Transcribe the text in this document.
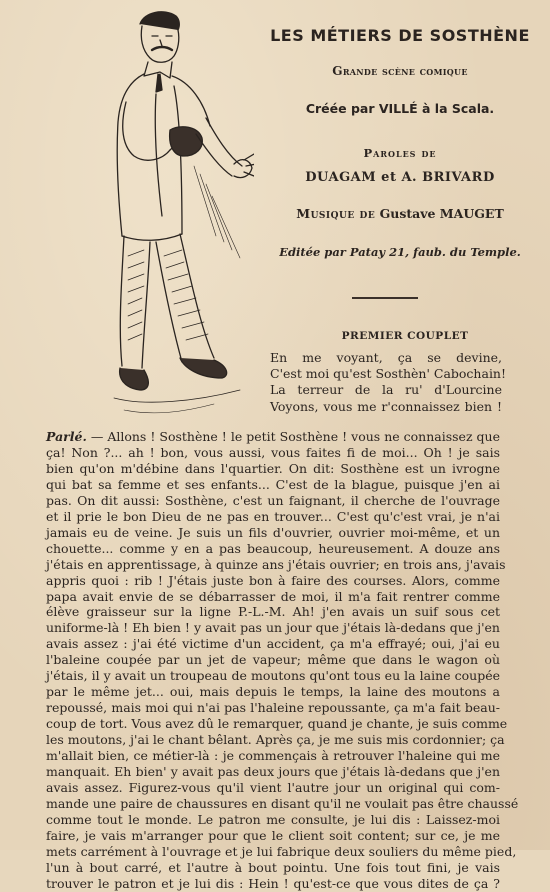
LES MÉTIERS DE SOSTHÈNE
Grande scène comique
Créée par VILLÉ à la Scala.
Paroles de
DUAGAM et A. BRIVARD
Musique de Gustave MAUGET
Editée par Patay 21, faub. du Temple.
PREMIER COUPLET
En me voyant, ça se devine,
C'est moi qu'est Sosthèn' Cabochain!
La terreur de la ru' d'Lourcine
Voyons, vous me r'connaissez bien !
Parlé. — Allons ! Sosthène ! le petit Sosthène ! vous ne connaissez que
ça! Non ?... ah ! bon, vous aussi, vous faites fi de moi... Oh ! je sais
bien qu'on m'débine dans l'quartier. On dit: Sosthène est un ivrogne
qui bat sa femme et ses enfants... C'est de la blague, puisque j'en ai
pas. On dit aussi: Sosthène, c'est un faignant, il cherche de l'ouvrage
et il prie le bon Dieu de ne pas en trouver... C'est qu'c'est vrai, je n'ai
jamais eu de veine. Je suis un fils d'ouvrier, ouvrier moi-même, et un
chouette... comme y en a pas beaucoup, heureusement. A douze ans
j'étais en apprentissage, à quinze ans j'étais ouvrier; en trois ans, j'avais
appris quoi : rib ! J'étais juste bon à faire des courses. Alors, comme
papa avait envie de se débarrasser de moi, il m'a fait rentrer comme
élève graisseur sur la ligne P.-L.-M. Ah! j'en avais un suif sous cet
uniforme-là ! Eh bien ! y avait pas un jour que j'étais là-dedans que j'en
avais assez : j'ai été victime d'un accident, ça m'a effrayé; oui, j'ai eu
l'baleine coupée par un jet de vapeur; même que dans le wagon où
j'étais, il y avait un troupeau de moutons qu'ont tous eu la laine coupée
par le même jet... oui, mais depuis le temps, la laine des moutons a
repoussé, mais moi qui n'ai pas l'haleine repoussante, ça m'a fait beau-
coup de tort. Vous avez dû le remarquer, quand je chante, je suis comme
les moutons, j'ai le chant bêlant. Après ça, je me suis mis cordonnier; ça
m'allait bien, ce métier-là : je commençais à retrouver l'haleine qui me
manquait. Eh bien' y avait pas deux jours que j'étais là-dedans que j'en
avais assez. Figurez-vous qu'il vient l'autre jour un original qui com-
mande une paire de chaussures en disant qu'il ne voulait pas être chaussé
comme tout le monde. Le patron me consulte, je lui dis : Laissez-moi
faire, je vais m'arranger pour que le client soit content; sur ce, je me
mets carrément à l'ouvrage et je lui fabrique deux souliers du même pied,
l'un à bout carré, et l'autre à bout pointu. Une fois tout fini, je vais
trouver le patron et je lui dis : Hein ! qu'est-ce que vous dites de ça ?
